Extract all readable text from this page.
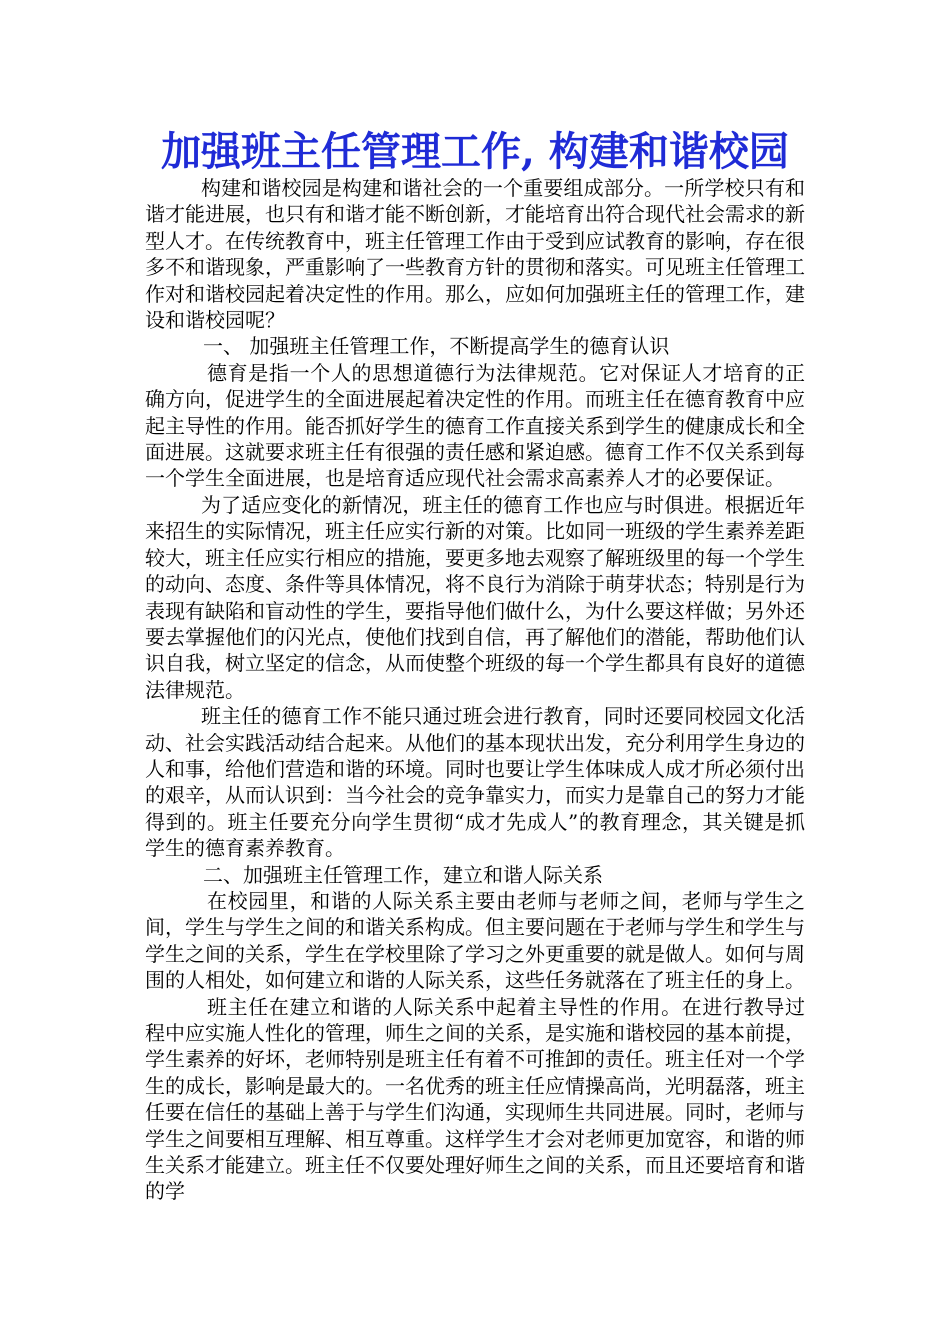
加强班主任管理工作, 构建和谐校园

构建和谐校园是构建和谐社会的一个重要组成部分。一所学校只有和谐才能进展，也只有和谐才能不断创新，才能培育出符合现代社会需求的新型人才。在传统教育中，班主任管理工作由于受到应试教育的影响，存在很多不和谐现象，严重影响了一些教育方针的贯彻和落实。可见班主任管理工作对和谐校园起着决定性的作用。那么，应如何加强班主任的管理工作，建设和谐校园呢？

一、 加强班主任管理工作，不断提高学生的德育认识

德育是指一个人的思想道德行为法律规范。它对保证人才培育的正确方向，促进学生的全面进展起着决定性的作用。而班主任在德育教育中应起主导性的作用。能否抓好学生的德育工作直接关系到学生的健康成长和全面进展。这就要求班主任有很强的责任感和紧迫感。德育工作不仅关系到每一个学生全面进展，也是培育适应现代社会需求高素养人才的必要保证。

为了适应变化的新情况，班主任的德育工作也应与时俱进。根据近年来招生的实际情况，班主任应实行新的对策。比如同一班级的学生素养差距较大，班主任应实行相应的措施，要更多地去观察了解班级里的每一个学生的动向、态度、条件等具体情况，将不良行为消除于萌芽状态；特别是行为表现有缺陷和盲动性的学生，要指导他们做什么，为什么要这样做；另外还要去掌握他们的闪光点，使他们找到自信，再了解他们的潜能，帮助他们认识自我，树立坚定的信念，从而使整个班级的每一个学生都具有良好的道德法律规范。

班主任的德育工作不能只通过班会进行教育，同时还要同校园文化活动、社会实践活动结合起来。从他们的基本现状出发，充分利用学生身边的人和事，给他们营造和谐的环境。同时也要让学生体味成人成才所必须付出的艰辛，从而认识到：当今社会的竞争靠实力，而实力是靠自己的努力才能得到的。班主任要充分向学生贯彻“成才先成人”的教育理念，其关键是抓学生的德育素养教育。

二、加强班主任管理工作，建立和谐人际关系

在校园里，和谐的人际关系主要由老师与老师之间，老师与学生之间，学生与学生之间的和谐关系构成。但主要问题在于老师与学生和学生与学生之间的关系，学生在学校里除了学习之外更重要的就是做人。如何与周围的人相处，如何建立和谐的人际关系，这些任务就落在了班主任的身上。

班主任在建立和谐的人际关系中起着主导性的作用。在进行教导过程中应实施人性化的管理，师生之间的关系，是实施和谐校园的基本前提，学生素养的好坏，老师特别是班主任有着不可推卸的责任。班主任对一个学生的成长，影响是最大的。一名优秀的班主任应情操高尚，光明磊落，班主任要在信任的基础上善于与学生们沟通，实现师生共同进展。同时，老师与学生之间要相互理解、相互尊重。这样学生才会对老师更加宽容，和谐的师生关系才能建立。班主任不仅要处理好师生之间的关系，而且还要培育和谐的学
